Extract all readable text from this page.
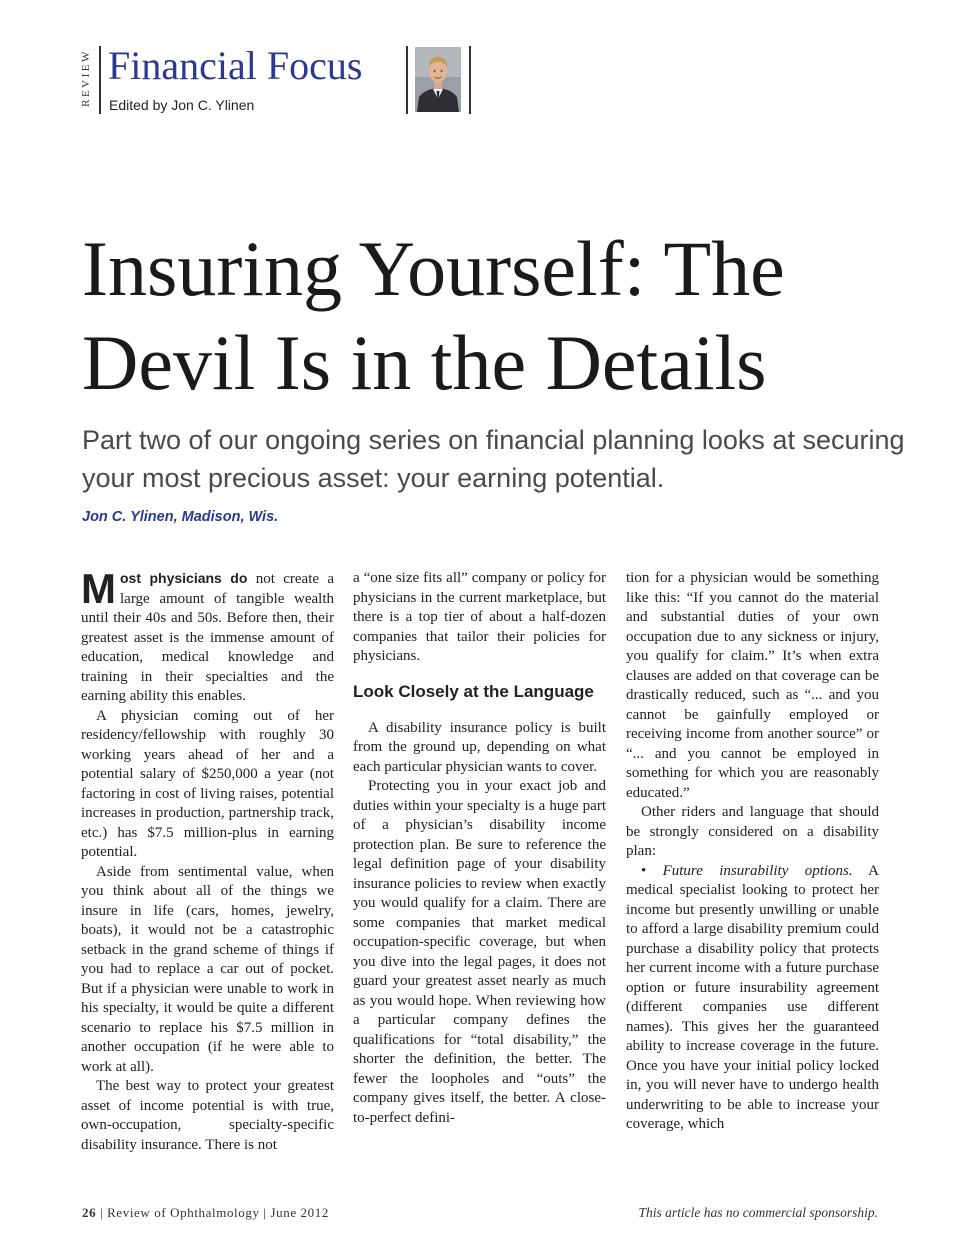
REVIEW Financial Focus
Edited by Jon C. Ylinen
Insuring Yourself: The
Devil Is in the Details

Part two of our ongoing series on financial planning looks at securing your most precious asset: your earning potential.

Jon C. Ylinen, Madison, Wis.

Most physicians do not create a large amount of tangible wealth until their 40s and 50s. Before then, their greatest asset is the immense amount of education, medical knowledge and training in their specialties and the earning ability this enables.

A physician coming out of her residency/fellowship with roughly 30 working years ahead of her and a potential salary of $250,000 a year (not factoring in cost of living raises, potential increases in production, partnership track, etc.) has $7.5 million-plus in earning potential.

Aside from sentimental value, when you think about all of the things we insure in life (cars, homes, jewelry, boats), it would not be a catastrophic setback in the grand scheme of things if you had to replace a car out of pocket. But if a physician were unable to work in his specialty, it would be quite a different scenario to replace his $7.5 million in another occupation (if he were able to work at all).

The best way to protect your greatest asset of income potential is with true, own-occupation, specialty-specific disability insurance. There is not

a “one size fits all” company or policy for physicians in the current marketplace, but there is a top tier of about a half-dozen companies that tailor their policies for physicians.

Look Closely at the Language

A disability insurance policy is built from the ground up, depending on what each particular physician wants to cover.

Protecting you in your exact job and duties within your specialty is a huge part of a physician’s disability income protection plan. Be sure to reference the legal definition page of your disability insurance policies to review when exactly you would qualify for a claim. There are some companies that market medical occupation-specific coverage, but when you dive into the legal pages, it does not guard your greatest asset nearly as much as you would hope. When reviewing how a particular company defines the qualifications for “total disability,” the shorter the definition, the better. The fewer the loopholes and “outs” the company gives itself, the better. A close-to-perfect defini-

tion for a physician would be something like this: “If you cannot do the material and substantial duties of your own occupation due to any sickness or injury, you qualify for claim.” It’s when extra clauses are added on that coverage can be drastically reduced, such as “... and you cannot be gainfully employed or receiving income from another source” or “... and you cannot be employed in something for which you are reasonably educated.”

Other riders and language that should be strongly considered on a disability plan:

• Future insurability options. A medical specialist looking to protect her income but presently unwilling or unable to afford a large disability premium could purchase a disability policy that protects her current income with a future purchase option or future insurability agreement (different companies use different names). This gives her the guaranteed ability to increase coverage in the future. Once you have your initial policy locked in, you will never have to undergo health underwriting to be able to increase your coverage, which

26 | Review of Ophthalmology | June 2012	This article has no commercial sponsorship.
